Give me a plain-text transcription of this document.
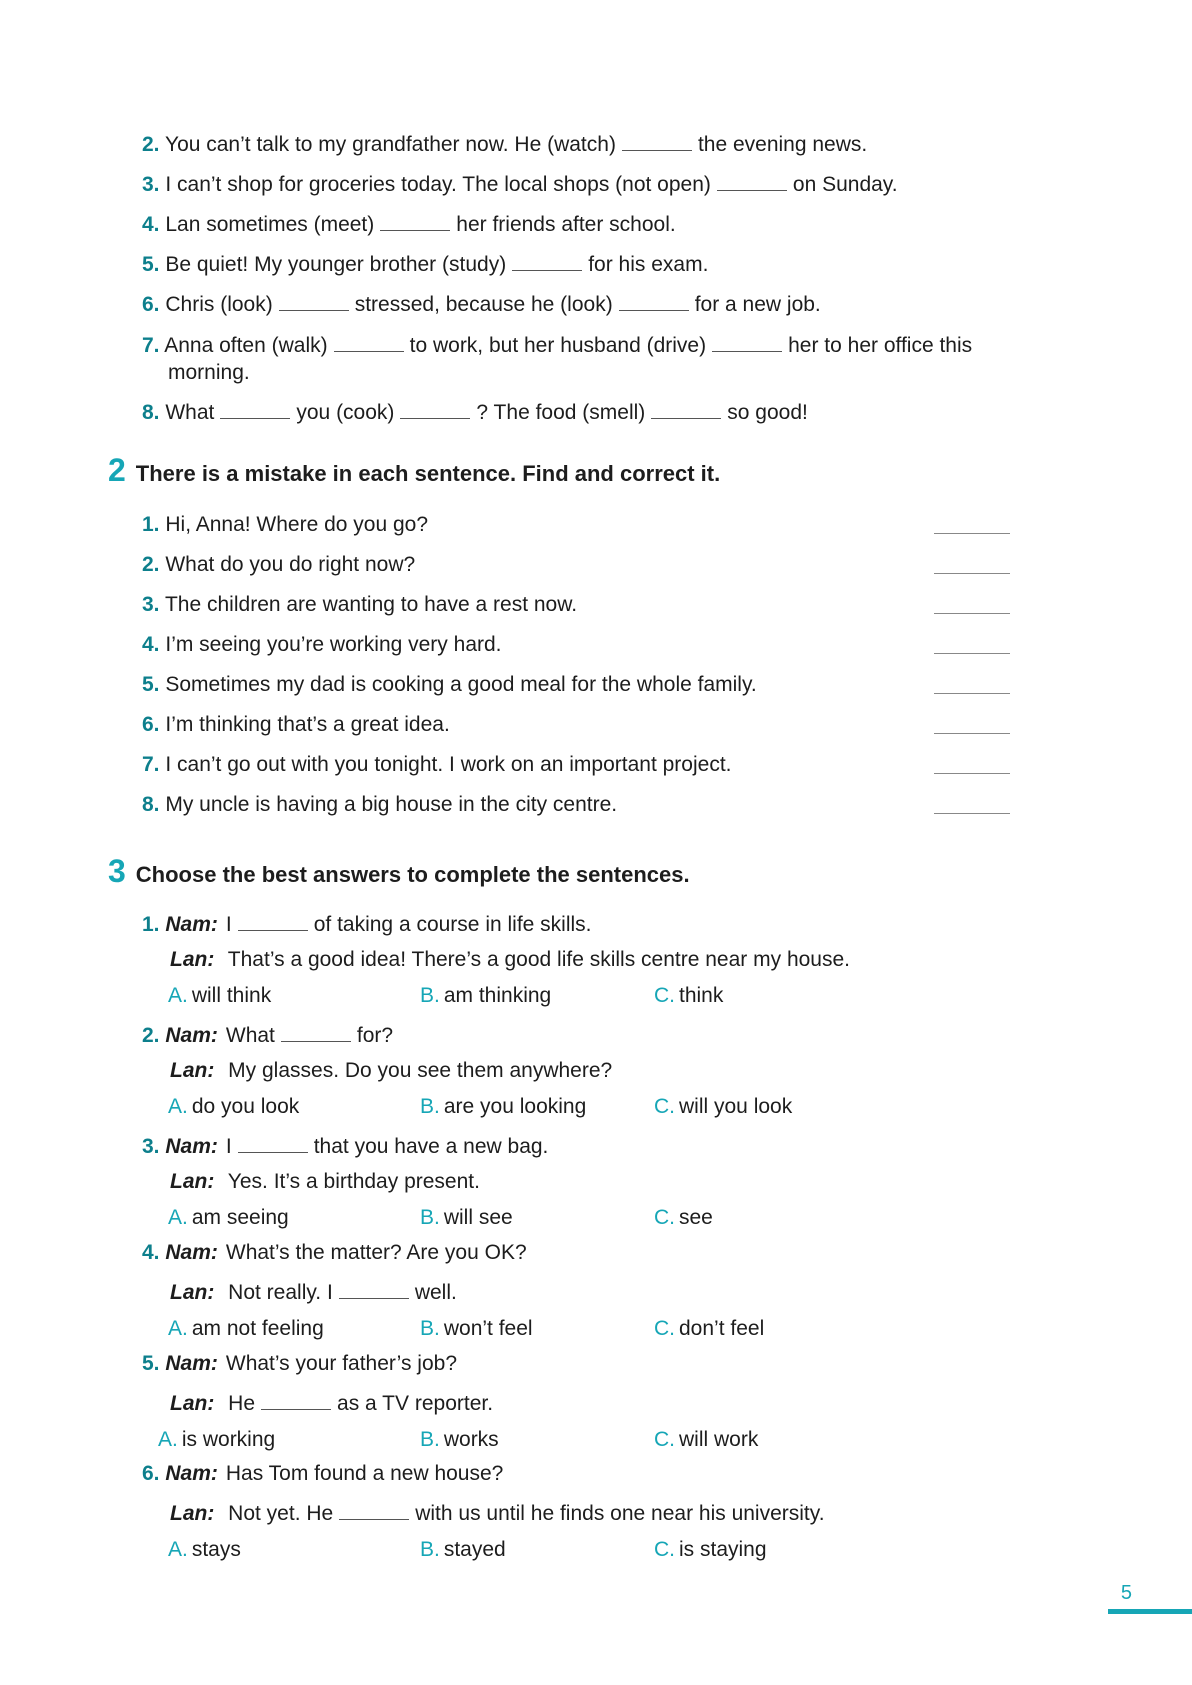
2. You can’t talk to my grandfather now. He (watch)	the evening news.
3. I can’t shop for groceries today. The local shops (not open)	on Sunday.
4. Lan sometimes (meet)	her friends after school.
5. Be quiet! My younger brother (study)	for his exam.
6. Chris (look)	stressed, because he (look)	for a new job.
7. Anna often (walk)	to work, but her husband (drive)	her to her office this
morning.
8. What	you (cook)	? The food (smell)	so good!
2 There is a mistake in each sentence. Find and correct it.
1. Hi, Anna! Where do you go?
2. What do you do right now?
3. The children are wanting to have a rest now.
4. I’m seeing you’re working very hard.
5. Sometimes my dad is cooking a good meal for the whole family.
6. I’m thinking that’s a great idea.
7. I can’t go out with you tonight. I work on an important project.
8. My uncle is having a big house in the city centre.
3 Choose the best answers to complete the sentences.
1. Nam: I	of taking a course in life skills.
Lan: That’s a good idea! There’s a good life skills centre near my house.
A. will think	B. am thinking	C. think
2. Nam: What	for?
Lan: My glasses. Do you see them anywhere?
A. do you look	B. are you looking	C. will you look
3. Nam: I	that you have a new bag.
Lan: Yes. It’s a birthday present.
A. am seeing	B. will see	C. see
4. Nam: What’s the matter? Are you OK?
Lan: Not really. I	well.
A. am not feeling	B. won’t feel	C. don’t feel
5. Nam: What’s your father’s job?
Lan: He	as a TV reporter.
A. is working	B. works	C. will work
6. Nam: Has Tom found a new house?
Lan: Not yet. He	with us until he finds one near his university.
A. stays	B. stayed	C. is staying
5
